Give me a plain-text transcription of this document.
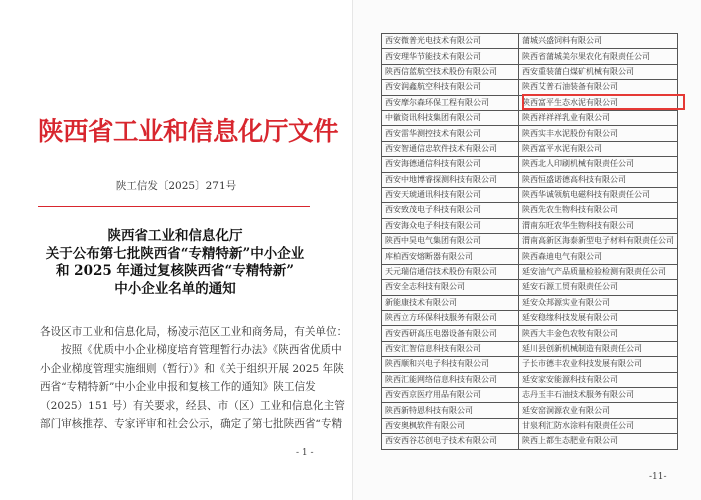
陕西省工业和信息化厅文件
陕工信发〔2025〕271号
陕西省工业和信息化厅
关于公布第七批陕西省“专精特新”中小企业
和 2025 年通过复核陕西省“专精特新”
中小企业名单的通知
各设区市工业和信息化局，杨凌示范区工业和商务局，有关单位：
按照《优质中小企业梯度培育管理暂行办法》《陕西省优质中
小企业梯度管理实施细则（暂行）》和《关于组织开展 2025 年陕
西省“专精特新”中小企业申报和复核工作的通知》陕工信发
（2025）151 号）有关要求，经县、市（区）工业和信息化主管
部门审核推荐、专家评审和社会公示，确定了第七批陕西省“专精
- 1 -
西安微普光电技术有限公司	蒲城兴盛饲料有限公司
西安理华节能技术有限公司	陕西省蒲城美尔果农化有限责任公司
陕西信蓝航空技术股份有限公司	西安重装蒲白煤矿机械有限公司
西安润鑫航空科技有限公司	陕西艾普石油装备有限公司
西安摩尔森环保工程有限公司	陕西富平生态水泥有限公司
中徽资讯科技集团有限公司	陕西祥祥祥乳业有限公司
西安雷华测控技术有限公司	陕西实丰水泥股份有限公司
西安智通信忠软件技术有限公司	陕西富平水泥有限公司
西安海德通信科技有限公司	陕西北人印刷机械有限责任公司
西安中地博睿探测科技有限公司	陕西恒盛诺德高科技有限公司
西安天琥通讯科技有限公司	陕西华诚领航电磁科技有限责任公司
西安致茂电子科技有限公司	陕西先农生物科技有限公司
西安海众电子科技有限公司	渭南东旺农华生物科技有限公司
陕西中昊电气集团有限公司	渭南高新区海泰新型电子材料有限责任公司
库柏西安熔断器有限公司	陕西森迪电气有限公司
天元瑞信通信技术股份有限公司	延安油气产品质量检验检测有限责任公司
西安全志科技有限公司	延安石源工贸有限责任公司
新能康技术有限公司	延安众邦源实业有限公司
陕西立方环保科技服务有限公司	延安稳缘科技发展有限公司
西安西研高压电器设备有限公司	陕西大丰金色农牧有限公司
西安汇智信息科技有限公司	延川县创新机械制造有限责任公司
陕西顺和兴电子科技有限公司	子长市德丰农业科技发展有限公司
陕西汇能网络信息科技有限公司	延安家安能源科技有限公司
西安西京医疗用品有限公司	志丹玉丰石油技术服务有限公司
陕西新特恩科技有限公司	延安窑洞源农业有限公司
西安奥枫软件有限公司	甘泉利汇防水涂料有限责任公司
西安西谷芯创电子技术有限公司	陕西上都生态肥业有限公司
-11-
